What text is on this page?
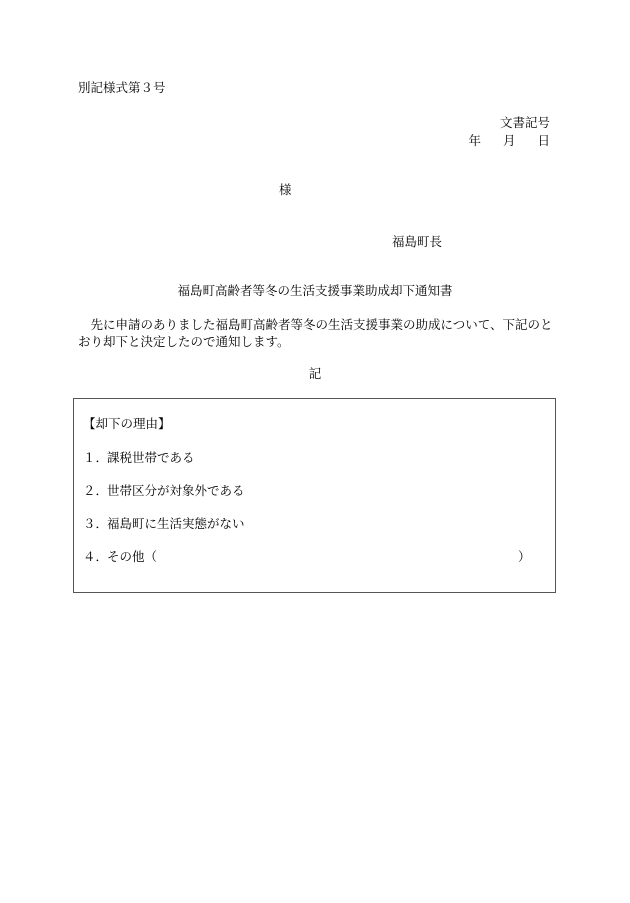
別記様式第３号
文書記号
年 月 日
様
福島町長
福島町高齢者等冬の生活支援事業助成却下通知書
先に申請のありました福島町高齢者等冬の生活支援事業の助成について、下記のとおり却下と決定したので通知します。
記
【却下の理由】
１．課税世帯である
２．世帯区分が対象外である
３．福島町に生活実態がない
４．その他（	）
